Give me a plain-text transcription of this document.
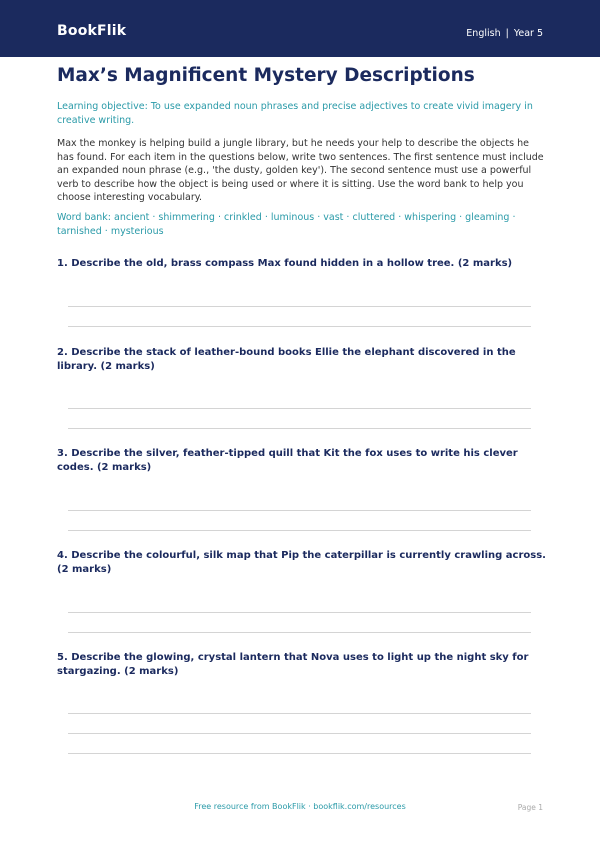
BookFlik	English | Year 5
Max’s Magnificent Mystery Descriptions

Learning objective: To use expanded noun phrases and precise adjectives to create vivid imagery in creative writing.

Max the monkey is helping build a jungle library, but he needs your help to describe the objects he has found. For each item in the questions below, write two sentences. The first sentence must include an expanded noun phrase (e.g., 'the dusty, golden key'). The second sentence must use a powerful verb to describe how the object is being used or where it is sitting. Use the word bank to help you choose interesting vocabulary.

Word bank: ancient · shimmering · crinkled · luminous · vast · cluttered · whispering · gleaming · tarnished · mysterious

1. Describe the old, brass compass Max found hidden in a hollow tree. (2 marks)

2. Describe the stack of leather-bound books Ellie the elephant discovered in the library. (2 marks)

3. Describe the silver, feather-tipped quill that Kit the fox uses to write his clever codes. (2 marks)

4. Describe the colourful, silk map that Pip the caterpillar is currently crawling across. (2 marks)

5. Describe the glowing, crystal lantern that Nova uses to light up the night sky for stargazing. (2 marks)

Free resource from BookFlik · bookflik.com/resources	Page 1
